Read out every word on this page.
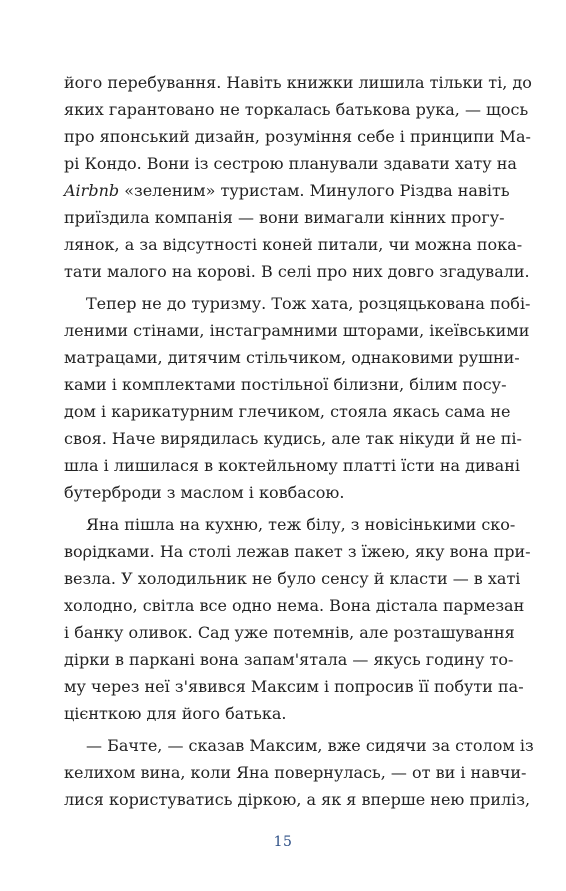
його перебування. Навіть книжки лишила тільки ті, до
яких гарантовано не торкалась батькова рука, — щось
про японський дизайн, розуміння себе і принципи Ма-
рі Кондо. Вони із сестрою планували здавати хату на
Airbnb «зеленим» туристам. Минулого Різдва навіть
приїздила компанія — вони вимагали кінних прогу-
лянок, а за відсутності коней питали, чи можна пока-
тати малого на корові. В селі про них довго згадували.
Тепер не до туризму. Тож хата, розцяцькована побі-
леними стінами, інстаграмними шторами, ікеївськими
матрацами, дитячим стільчиком, однаковими рушни-
ками і комплектами постільної білизни, білим посу-
дом і карикатурним глечиком, стояла якась сама не
своя. Наче вирядилась кудись, але так нікуди й не пі-
шла і лишилася в коктейльному платті їсти на дивані
бутерброди з маслом і ковбасою.
Яна пішла на кухню, теж білу, з новісінькими ско-
вορідками. На столі лежав пакет з їжею, яку вона при-
везла. У холодильник не було сенсу й класти — в хаті
холодно, світла все одно нема. Вона дістала пармезан
і банку оливок. Сад уже потемнів, але розташування
дірки в паркані вона запам'ятала — якусь годину то-
му через неї з'явився Максим і попросив її побути па-
цієнткою для його батька.
— Бачте, — сказав Максим, вже сидячи за столом із
келихом вина, коли Яна повернулась, — от ви і навчи-
лися користуватись діркою, а як я вперше нею приліз,
15
